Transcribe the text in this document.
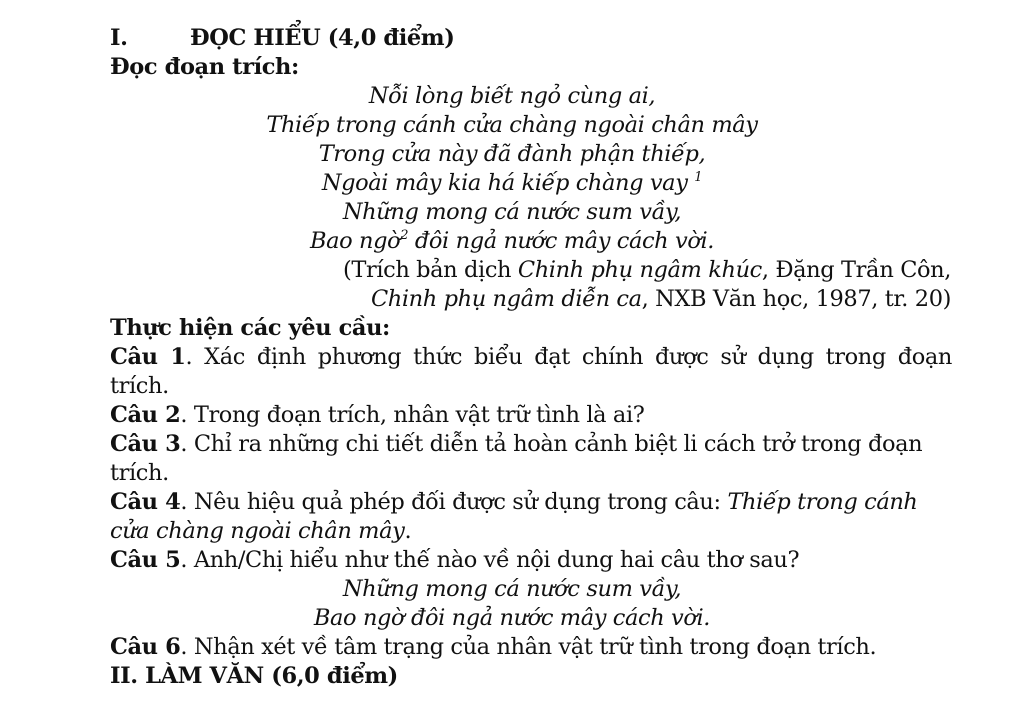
I.	ĐỌC HIỂU (4,0 điểm)
Đọc đoạn trích:
Nỗi lòng biết ngỏ cùng ai,
Thiếp trong cánh cửa chàng ngoài chân mây
Trong cửa này đã đành phận thiếp,
Ngoài mây kia há kiếp chàng vay $^1$
Những mong cá nước sum vầy,
Bao ngờ$^2$ đôi ngả nước mây cách vời.
(Trích bản dịch Chinh phụ ngâm khúc, Đặng Trần Côn,
Chinh phụ ngâm diễn ca, NXB Văn học, 1987, tr. 20)
Thực hiện các yêu cầu:
Câu 1. Xác định phương thức biểu đạt chính được sử dụng trong đoạn
trích.
Câu 2. Trong đoạn trích, nhân vật trữ tình là ai?
Câu 3. Chỉ ra những chi tiết diễn tả hoàn cảnh biệt li cách trở trong đoạn
trích.
Câu 4. Nêu hiệu quả phép đối được sử dụng trong câu: Thiếp trong cánh
cửa chàng ngoài chân mây.
Câu 5. Anh/Chị hiểu như thế nào về nội dung hai câu thơ sau?
Những mong cá nước sum vầy,
Bao ngờ đôi ngả nước mây cách vời.
Câu 6. Nhận xét về tâm trạng của nhân vật trữ tình trong đoạn trích.
II. LÀM VĂN (6,0 điểm)
